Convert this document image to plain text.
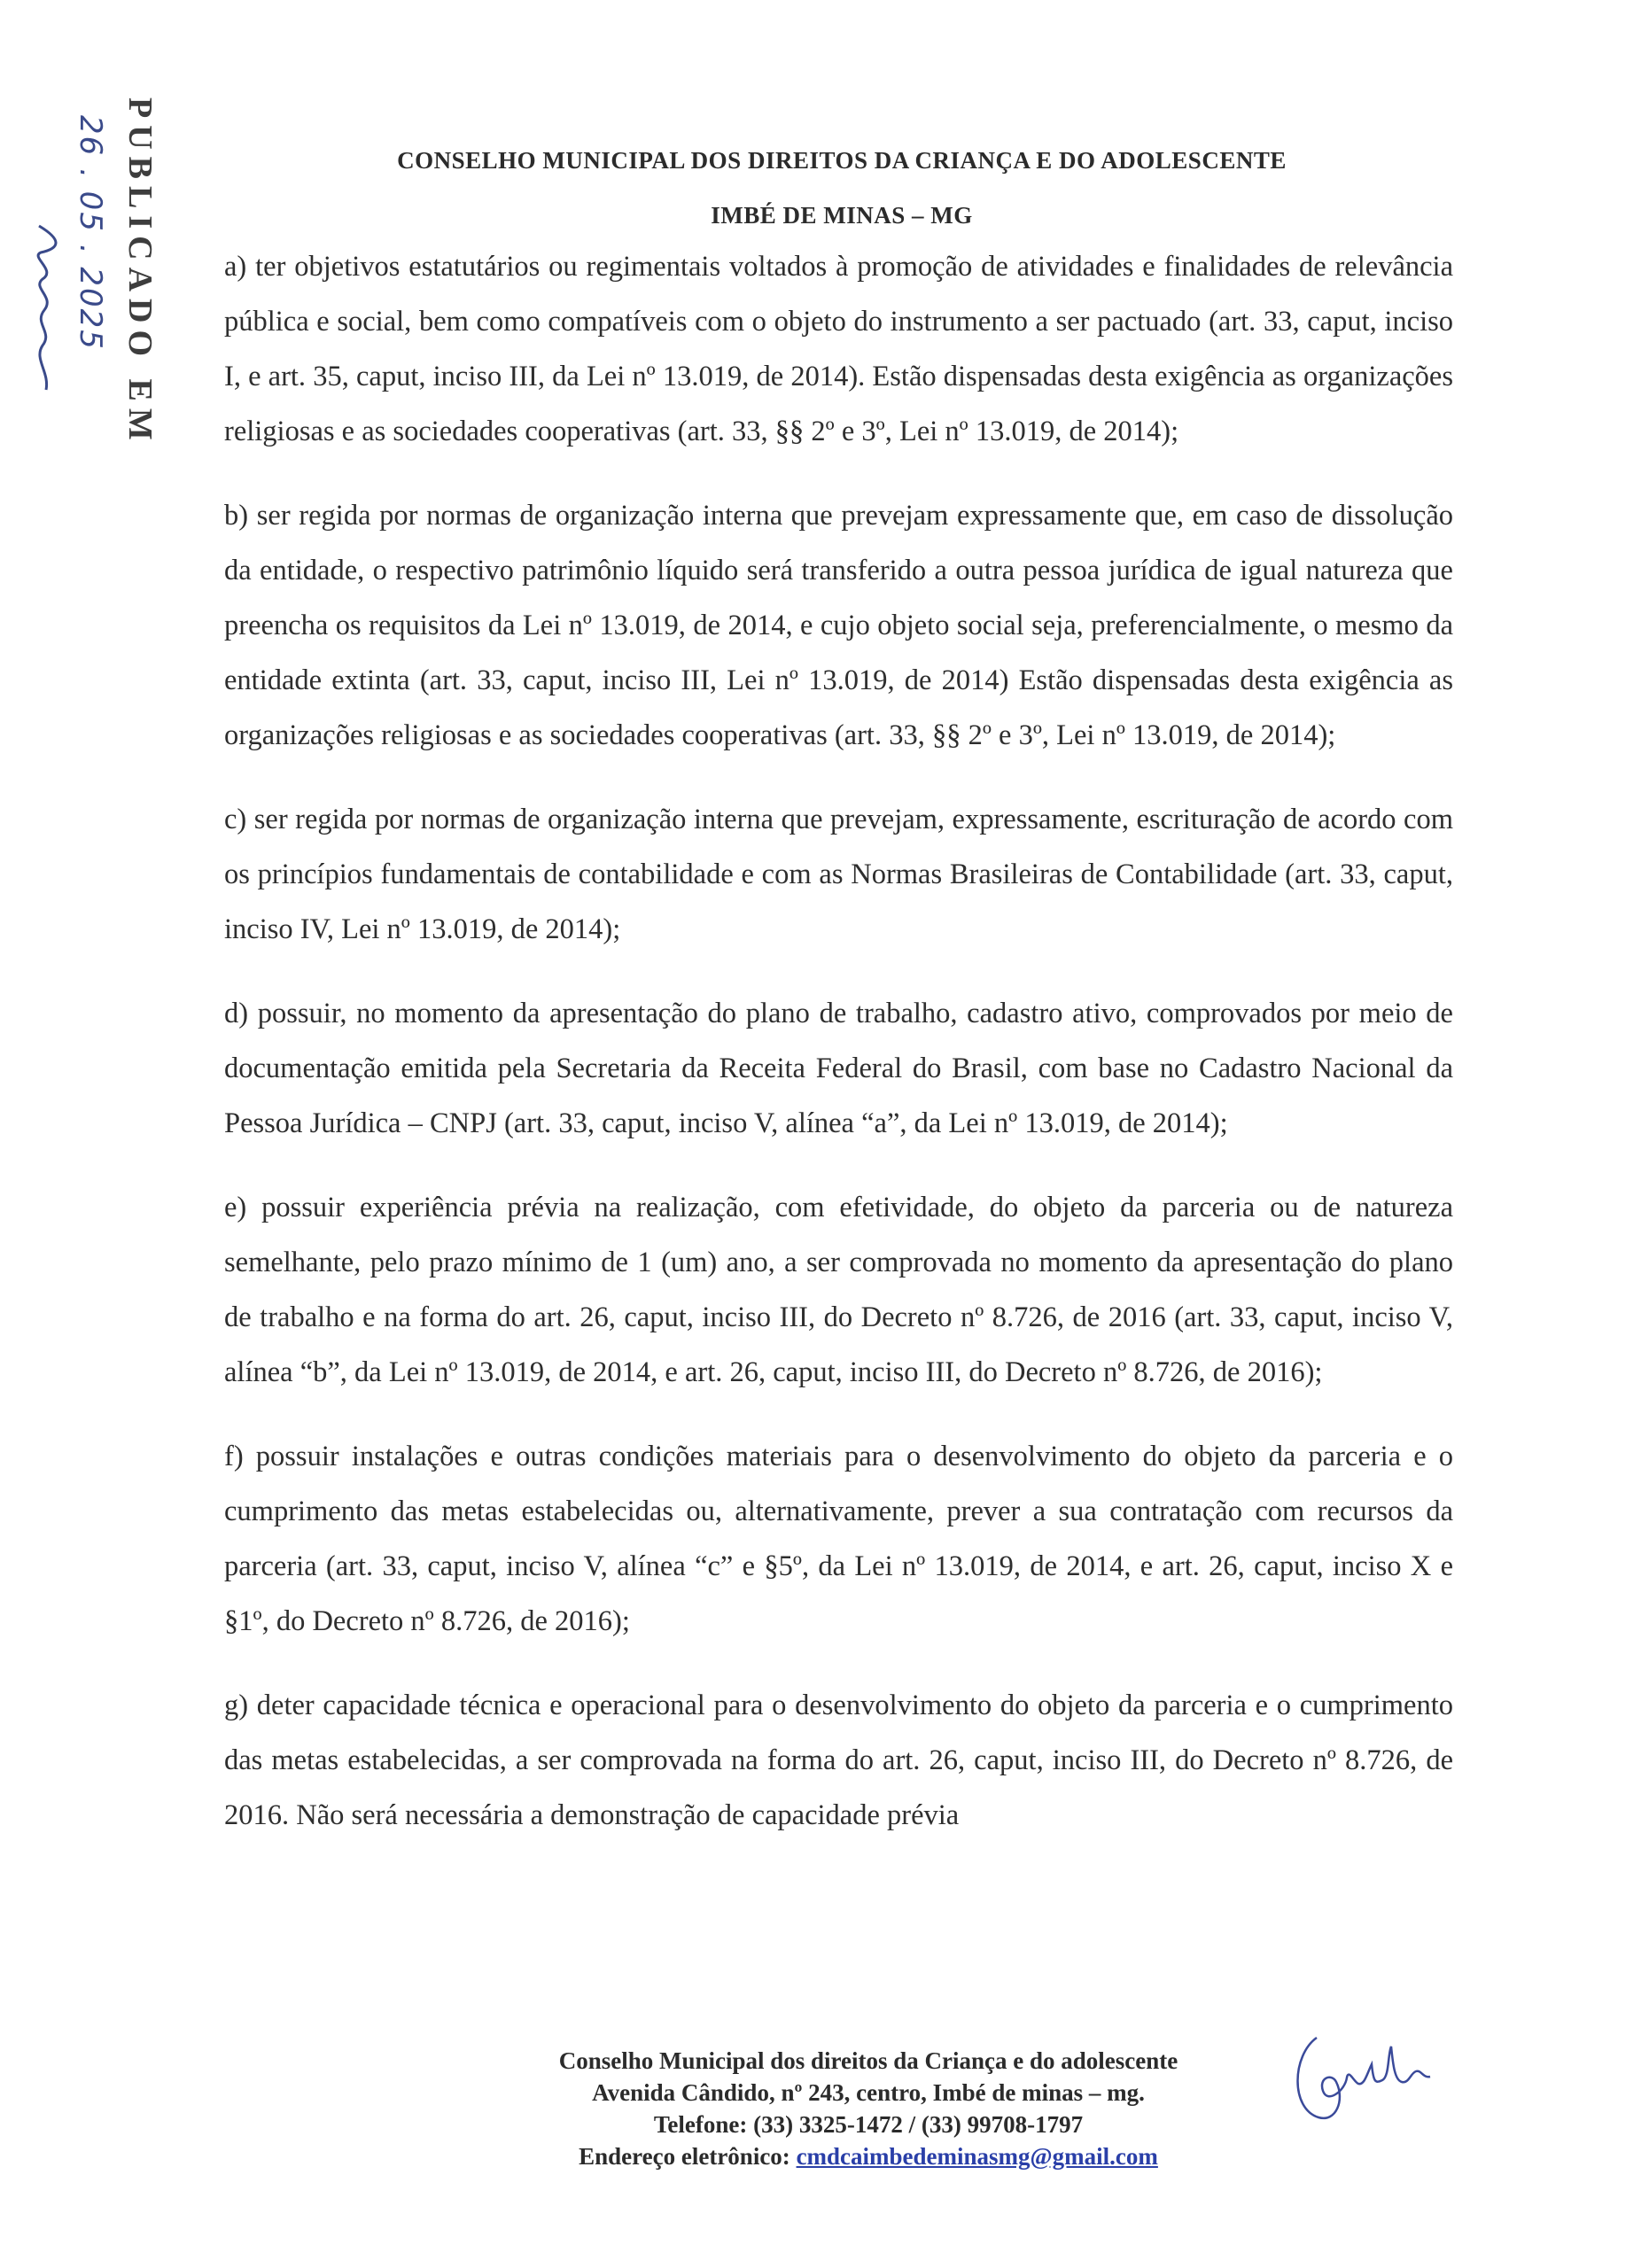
PUBLICADO EM
26 . 05 . 2025	CONSELHO MUNICIPAL DOS DIREITOS DA CRIANÇA E DO ADOLESCENTE
IMBÉ DE MINAS – MG

a) ter objetivos estatutários ou regimentais voltados à promoção de atividades e finalidades de relevância pública e social, bem como compatíveis com o objeto do instrumento a ser pactuado (art. 33, caput, inciso I, e art. 35, caput, inciso III, da Lei nº 13.019, de 2014). Estão dispensadas desta exigência as organizações religiosas e as sociedades cooperativas (art. 33, §§ 2º e 3º, Lei nº 13.019, de 2014);

b) ser regida por normas de organização interna que prevejam expressamente que, em caso de dissolução da entidade, o respectivo patrimônio líquido será transferido a outra pessoa jurídica de igual natureza que preencha os requisitos da Lei nº 13.019, de 2014, e cujo objeto social seja, preferencialmente, o mesmo da entidade extinta (art. 33, caput, inciso III, Lei nº 13.019, de 2014) Estão dispensadas desta exigência as organizações religiosas e as sociedades cooperativas (art. 33, §§ 2º e 3º, Lei nº 13.019, de 2014);

c) ser regida por normas de organização interna que prevejam, expressamente, escrituração de acordo com os princípios fundamentais de contabilidade e com as Normas Brasileiras de Contabilidade (art. 33, caput, inciso IV, Lei nº 13.019, de 2014);

d) possuir, no momento da apresentação do plano de trabalho, cadastro ativo, comprovados por meio de documentação emitida pela Secretaria da Receita Federal do Brasil, com base no Cadastro Nacional da Pessoa Jurídica – CNPJ (art. 33, caput, inciso V, alínea “a”, da Lei nº 13.019, de 2014);

e) possuir experiência prévia na realização, com efetividade, do objeto da parceria ou de natureza semelhante, pelo prazo mínimo de 1 (um) ano, a ser comprovada no momento da apresentação do plano de trabalho e na forma do art. 26, caput, inciso III, do Decreto nº 8.726, de 2016 (art. 33, caput, inciso V, alínea “b”, da Lei nº 13.019, de 2014, e art. 26, caput, inciso III, do Decreto nº 8.726, de 2016);

f) possuir instalações e outras condições materiais para o desenvolvimento do objeto da parceria e o cumprimento das metas estabelecidas ou, alternativamente, prever a sua contratação com recursos da parceria (art. 33, caput, inciso V, alínea “c” e §5º, da Lei nº 13.019, de 2014, e art. 26, caput, inciso X e §1º, do Decreto nº 8.726, de 2016);

g) deter capacidade técnica e operacional para o desenvolvimento do objeto da parceria e o cumprimento das metas estabelecidas, a ser comprovada na forma do art. 26, caput, inciso III, do Decreto nº 8.726, de 2016. Não será necessária a demonstração de capacidade prévia

Conselho Municipal dos direitos da Criança e do adolescente
Avenida Cândido, nº 243, centro, Imbé de minas – mg.
Telefone: (33) 3325-1472 / (33) 99708-1797
Endereço eletrônico: cmdcaimbedeminasmg@gmail.com
